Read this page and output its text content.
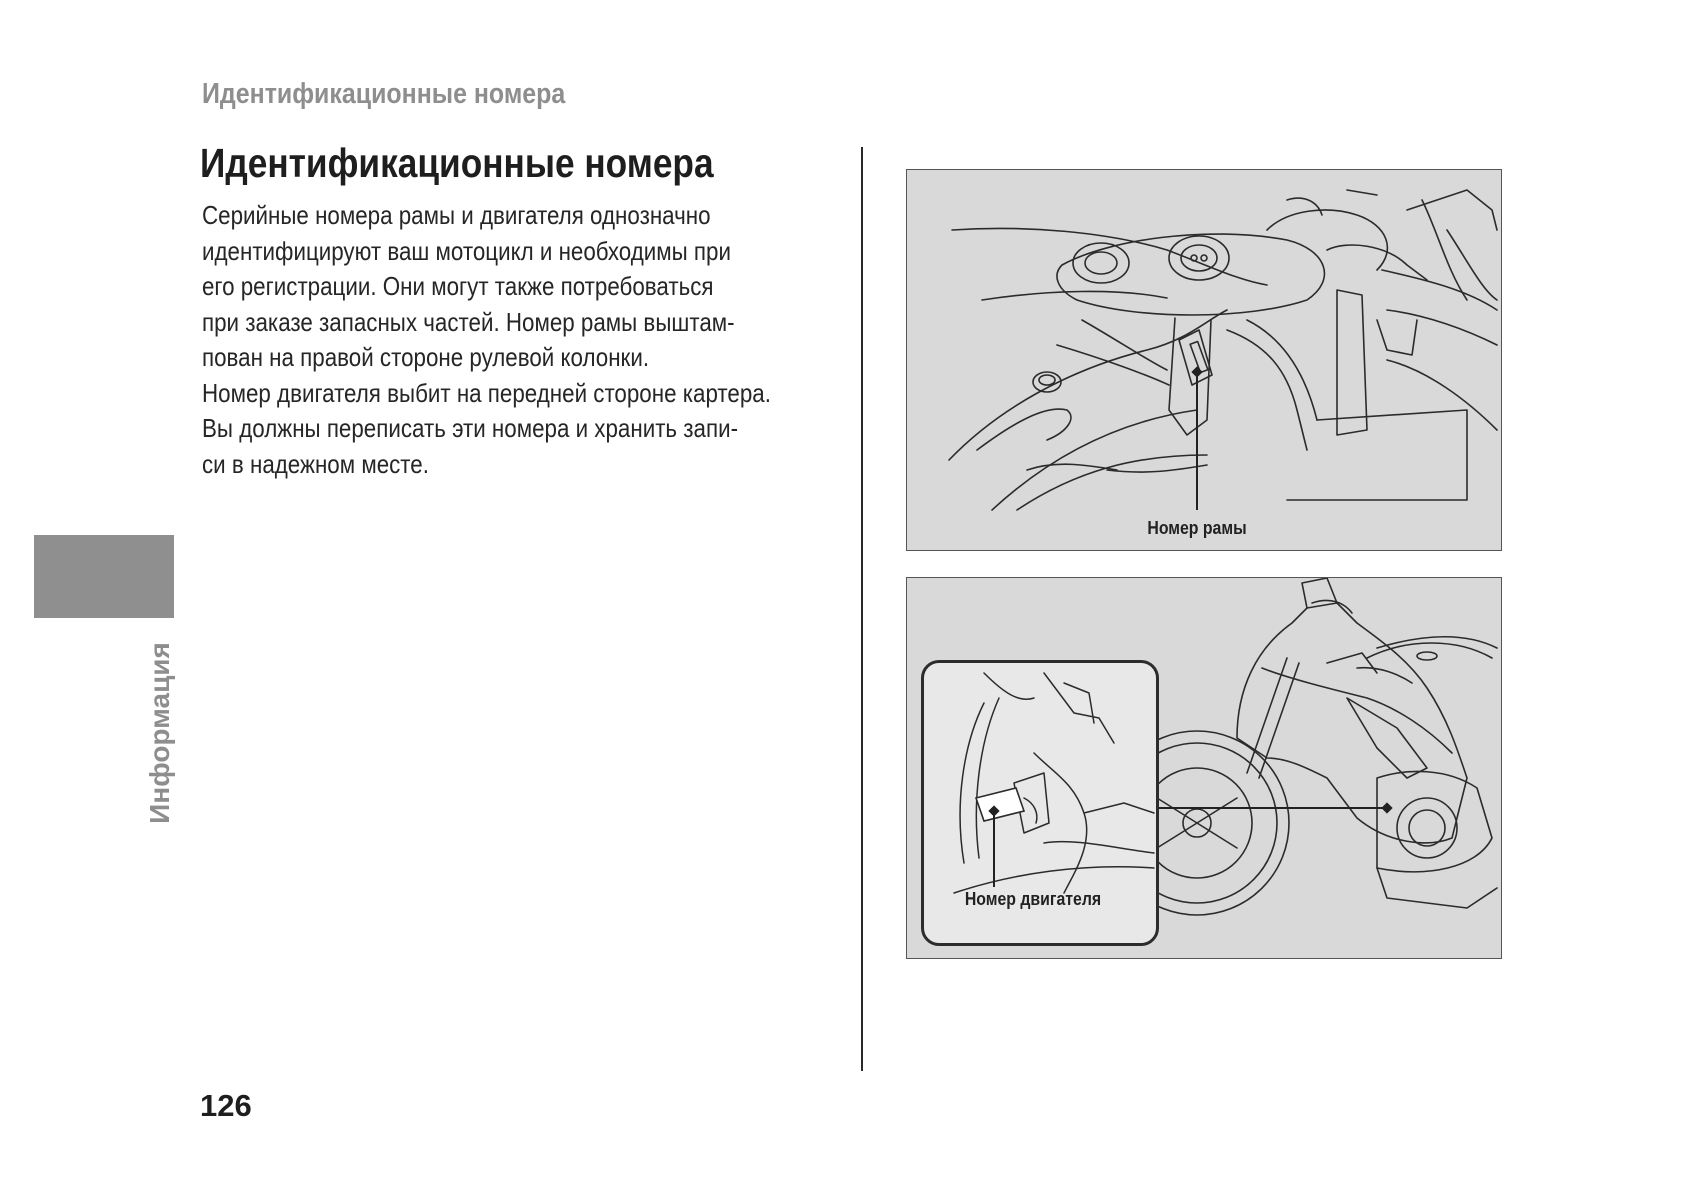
Идентификационные номера
Идентификационные номера

Серийные номера рамы и двигателя однозначно

идентифицируют ваш мотоцикл и необходимы при

его регистрации. Они могут также потребоваться

при заказе запасных частей. Номер рамы выштам-

пован на правой стороне рулевой колонки.

Номер двигателя выбит на передней стороне картера.

Вы должны переписать эти номера и хранить запи-

си в надежном месте.

Информация
Номер рамы
Номер двигателя
126
